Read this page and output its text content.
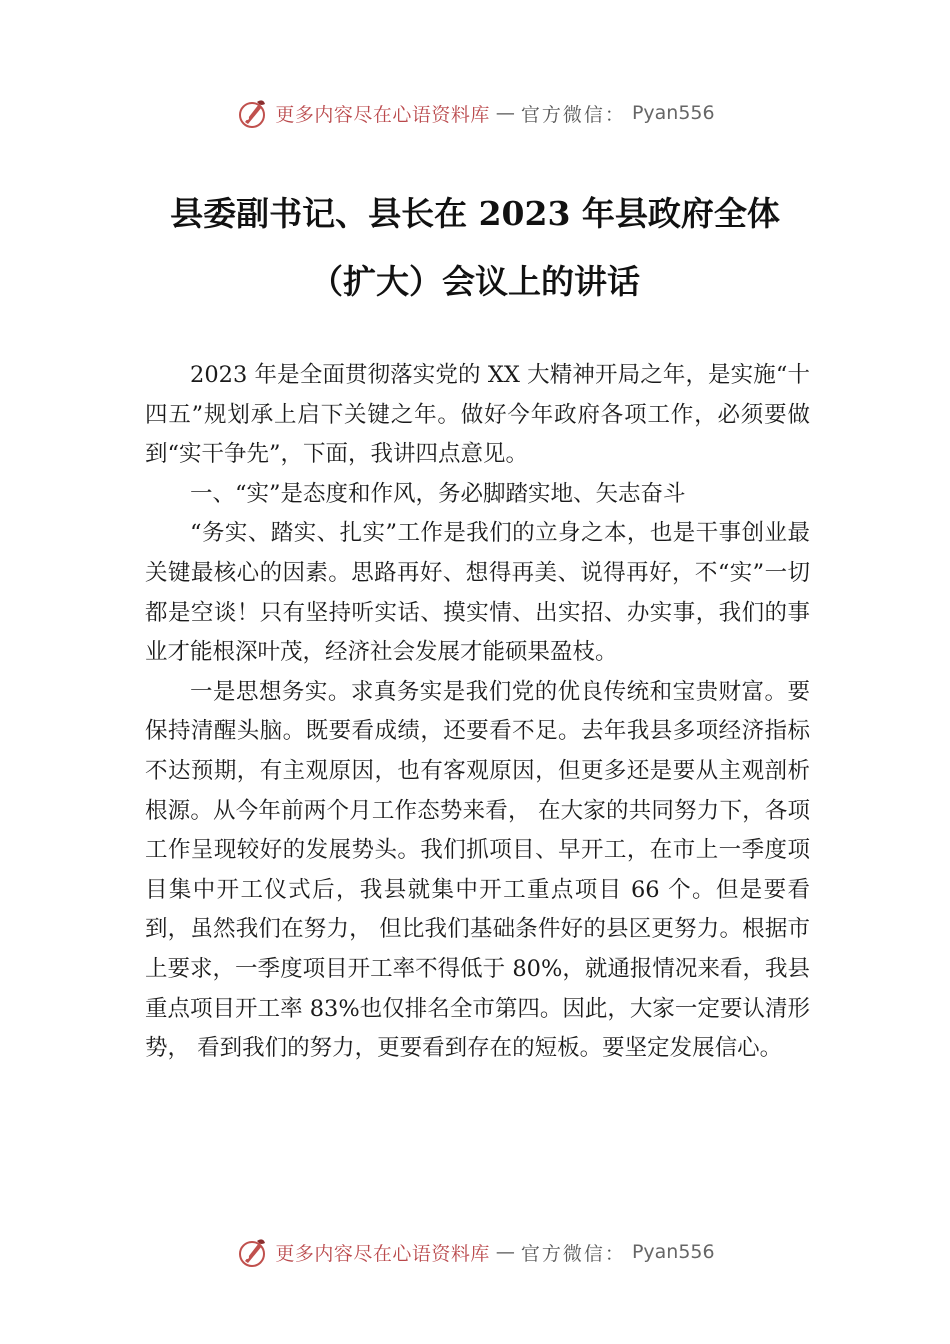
更多内容尽在心语资料库 — 官方微信： Pyan556
县委副书记、县长在 2023 年县政府全体
（扩大）会议上的讲话

2023 年是全面贯彻落实党的 XX 大精神开局之年，是实施“十四五”规划承上启下关键之年。做好今年政府各项工作，必须要做到“实干争先”，下面，我讲四点意见。

一、“实”是态度和作风，务必脚踏实地、矢志奋斗

“务实、踏实、扎实”工作是我们的立身之本，也是干事创业最关键最核心的因素。思路再好、想得再美、说得再好，不“实”一切都是空谈！只有坚持听实话、摸实情、出实招、办实事，我们的事业才能根深叶茂，经济社会发展才能硕果盈枝。

一是思想务实。求真务实是我们党的优良传统和宝贵财富。要保持清醒头脑。既要看成绩，还要看不足。去年我县多项经济指标不达预期，有主观原因，也有客观原因，但更多还是要从主观剖析根源。从今年前两个月工作态势来看， 在大家的共同努力下，各项工作呈现较好的发展势头。我们抓项目、早开工，在市上一季度项目集中开工仪式后，我县就集中开工重点项目 66 个。但是要看到，虽然我们在努力， 但比我们基础条件好的县区更努力。根据市上要求，一季度项目开工率不得低于 80%，就通报情况来看，我县重点项目开工率 83%也仅排名全市第四。因此，大家一定要认清形势， 看到我们的努力，更要看到存在的短板。要坚定发展信心。

更多内容尽在心语资料库 — 官方微信： Pyan556
